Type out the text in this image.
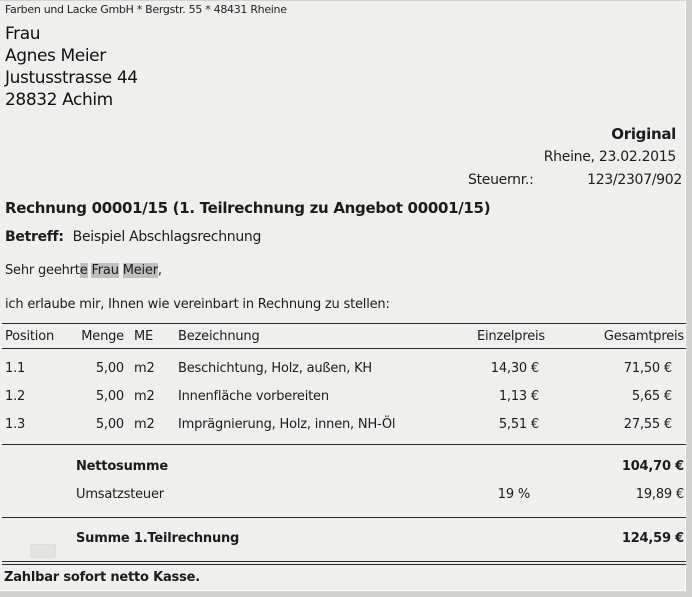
Farben und Lacke GmbH * Bergstr. 55 * 48431 Rheine
Frau
Agnes Meier
Justusstrasse 44
28832 Achim
Original
Rheine, 23.02.2015
Steuernr.:	123/2307/902
Rechnung 00001/15 (1. Teilrechnung zu Angebot 00001/15)
Betreff: Beispiel Abschlagsrechnung
Sehr geehrte Frau Meier,
ich erlaube mir, Ihnen wie vereinbart in Rechnung zu stellen:
Position	Menge ME	Bezeichnung	Einzelpreis	Gesamtpreis
1.1	5,00 m2	Beschichtung, Holz, außen, KH	14,30 €	71,50 €
1.2	5,00 m2	Innenfläche vorbereiten	1,13 €	5,65 €
1.3	5,00 m2	Imprägnierung, Holz, innen, NH-Öl	5,51 €	27,55 €
Nettosumme	104,70 €
Umsatzsteuer	19 %	19,89 €
Summe 1.Teilrechnung	124,59 €
Zahlbar sofort netto Kasse.
